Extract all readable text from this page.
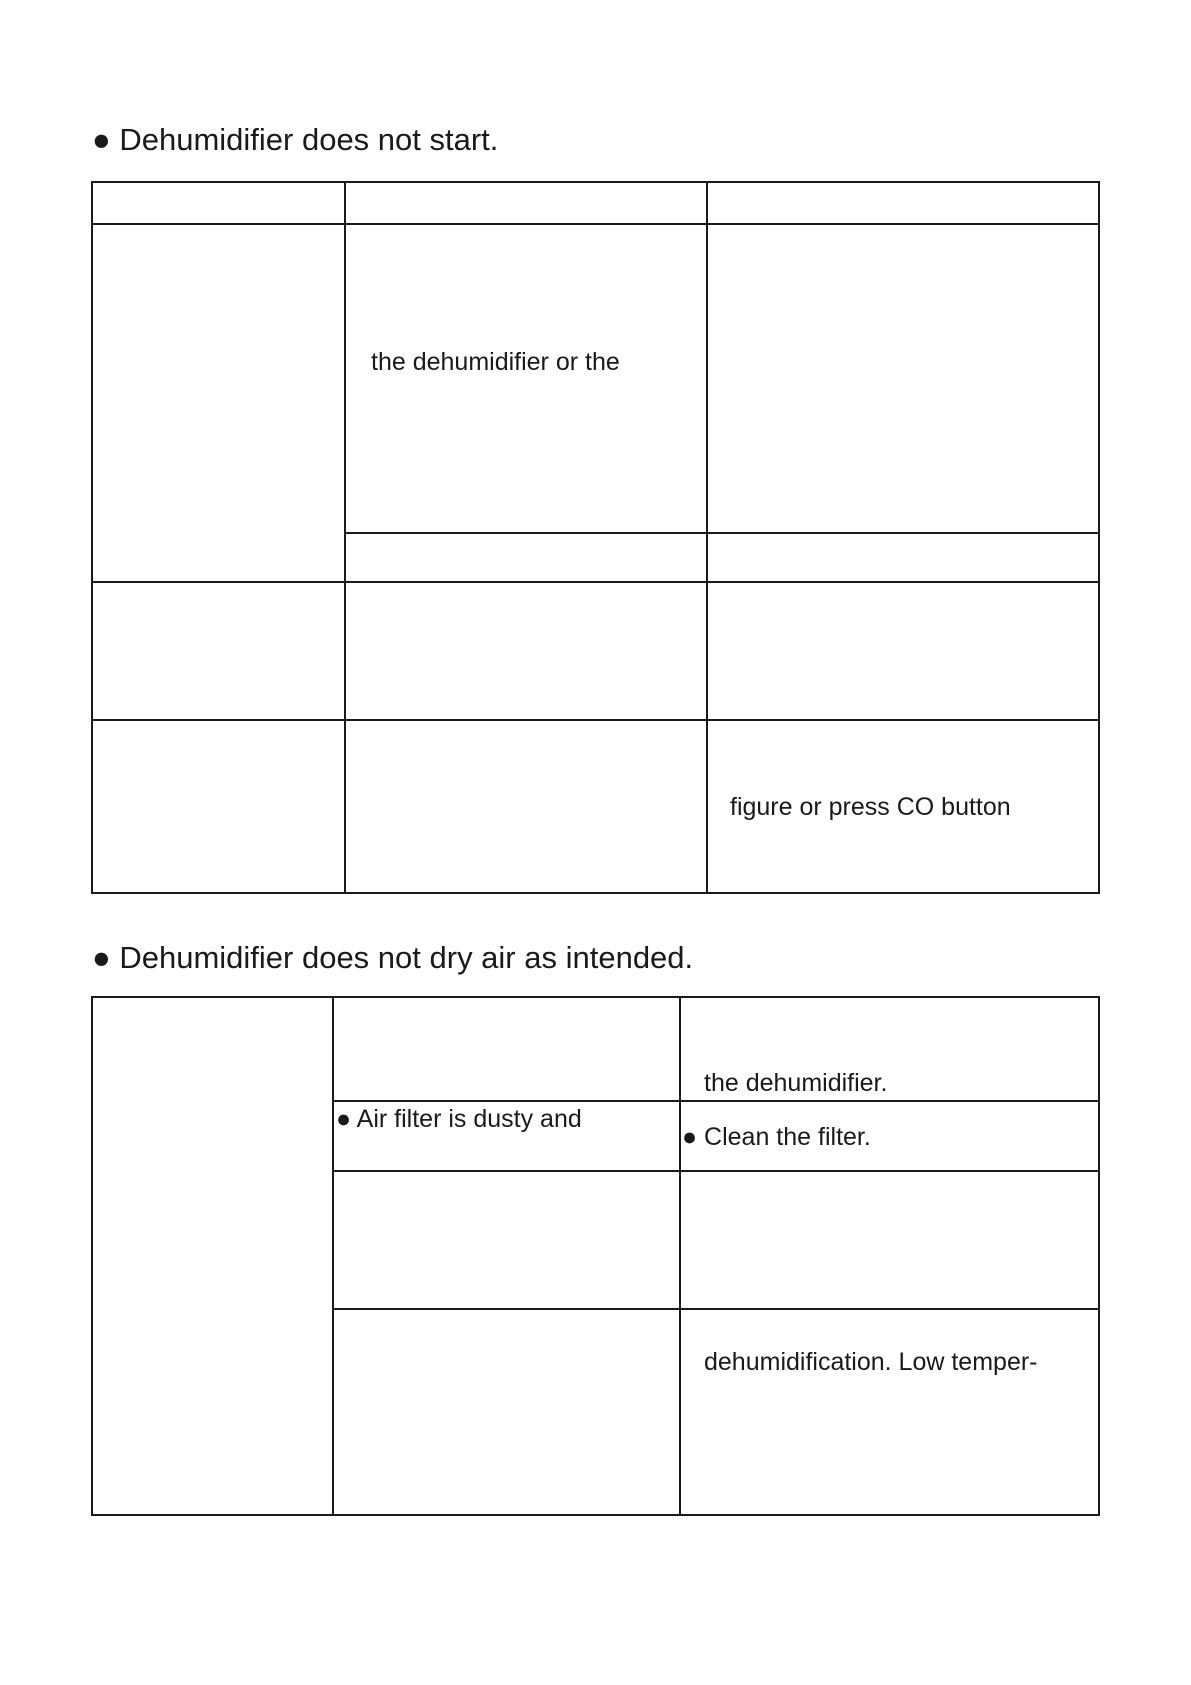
● Dehumidifier does not start.
the dehumidifier or the
figure or press CO button
● Dehumidifier does not dry air as intended.
the dehumidifier.
● Air filter is dusty and
● Clean the filter.
dehumidification. Low temper-
